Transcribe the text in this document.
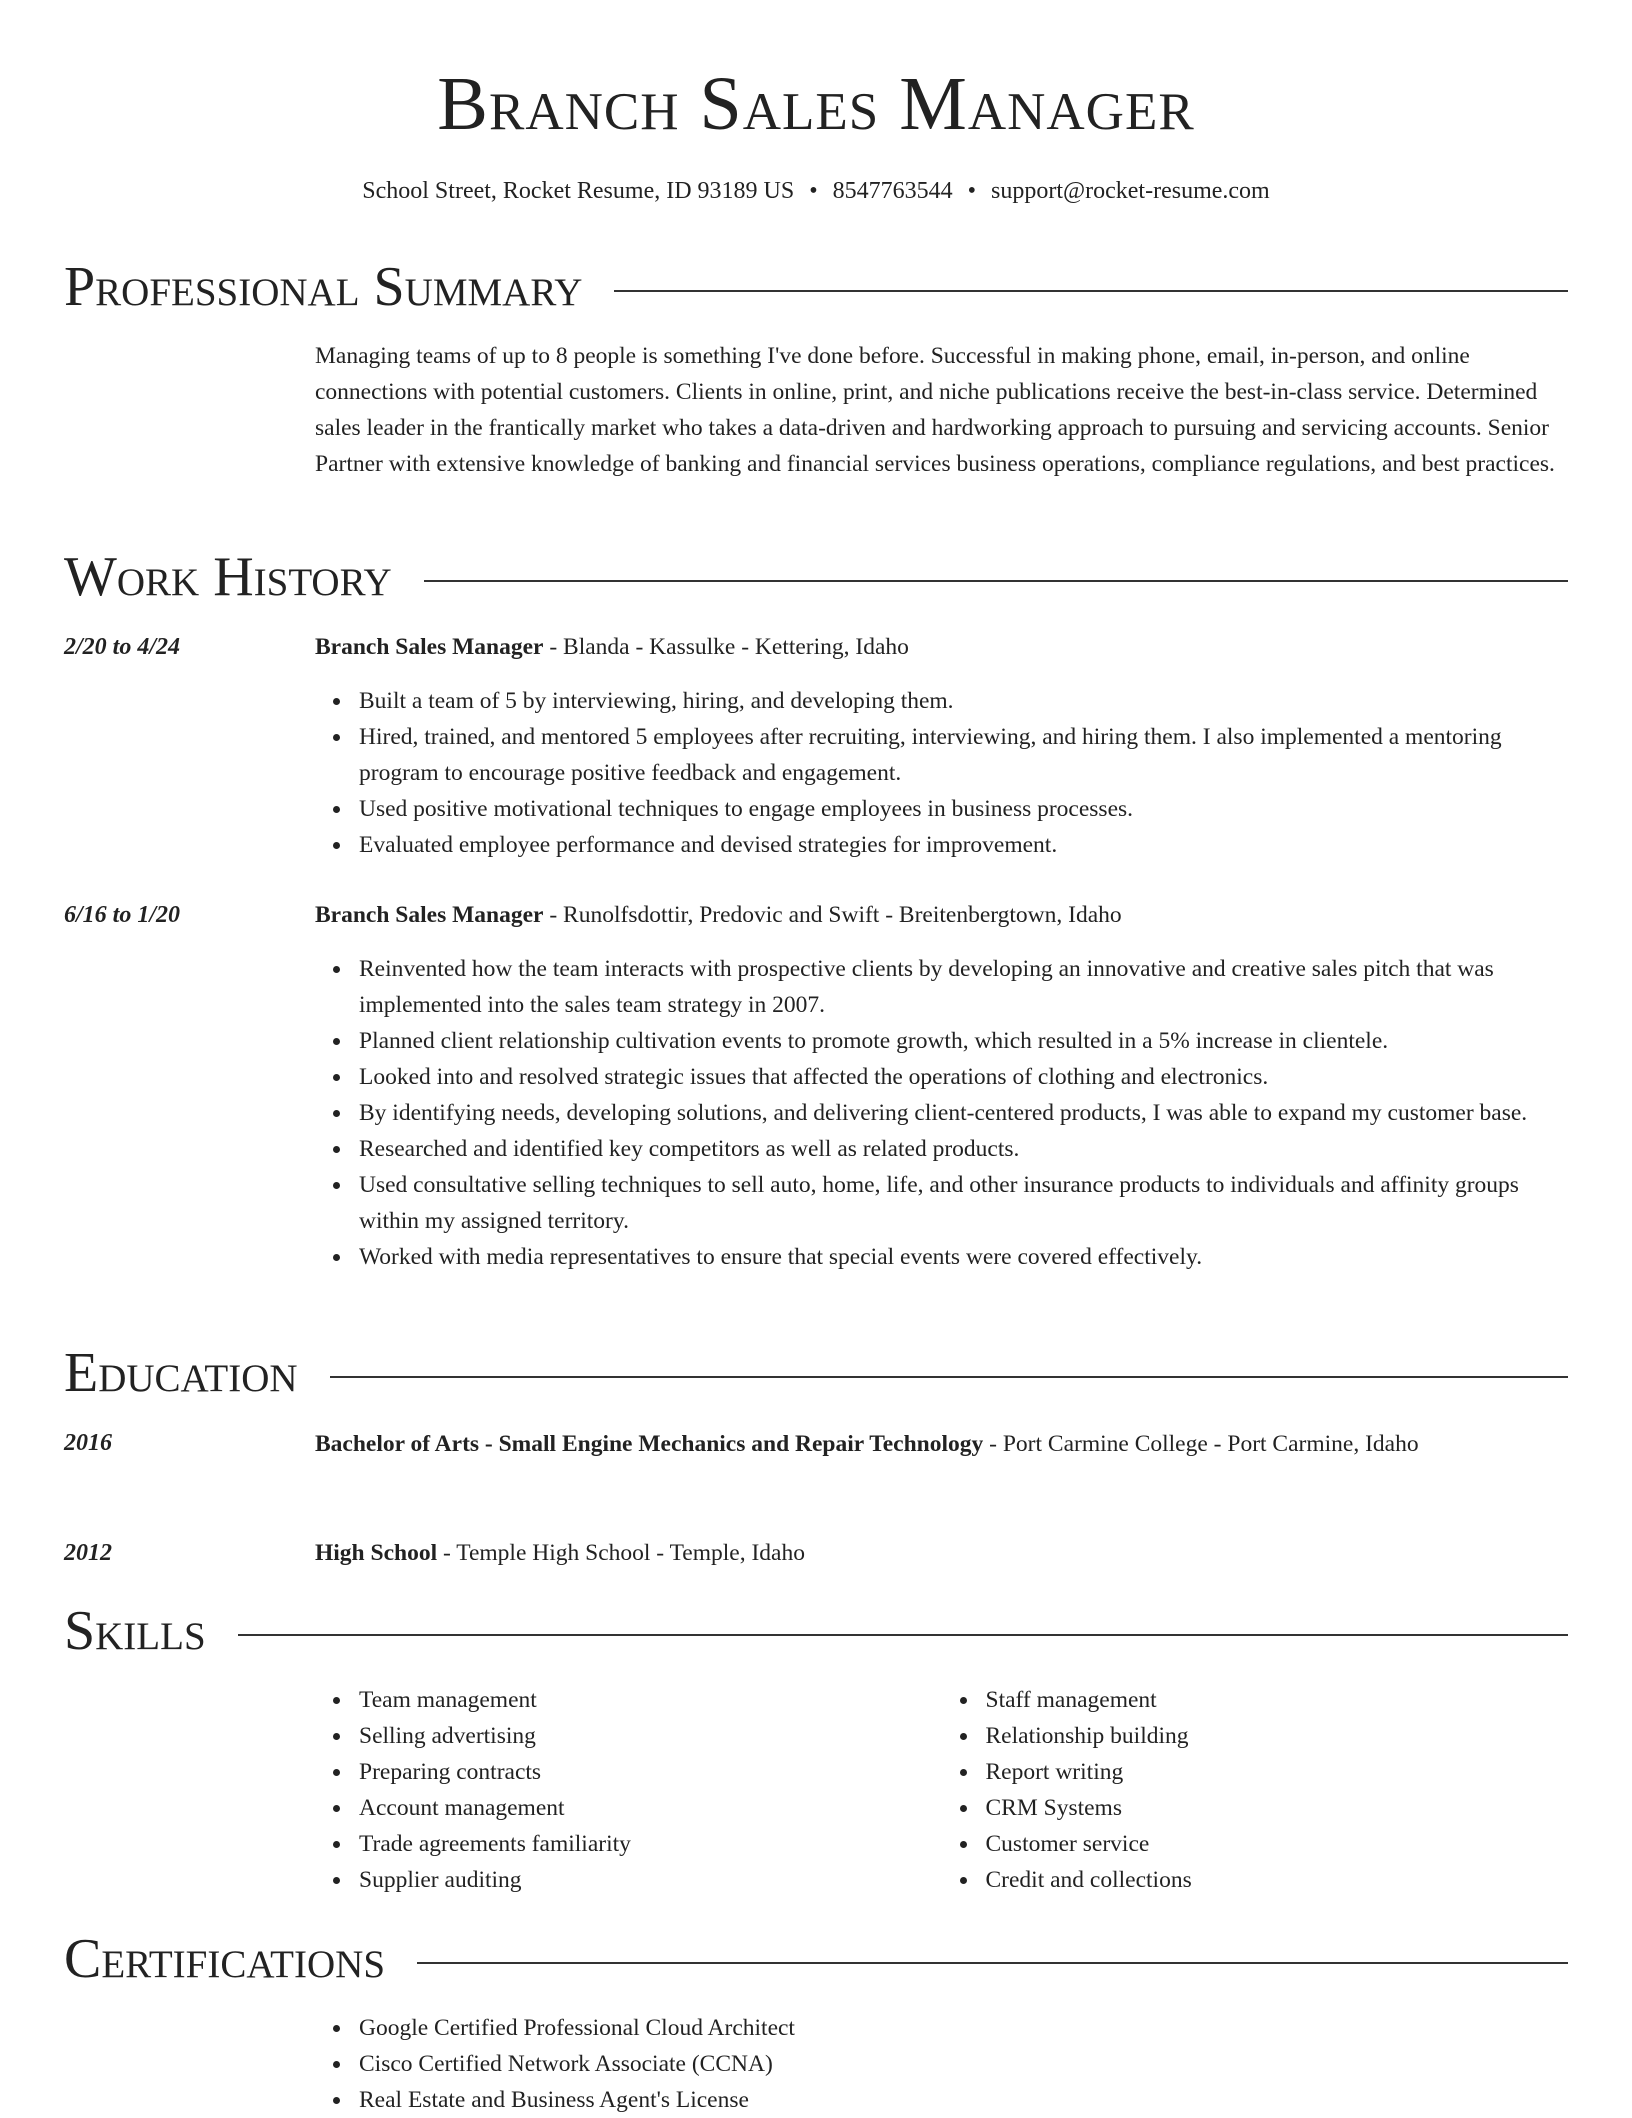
Branch Sales Manager
School Street, Rocket Resume, ID 93189 US • 8547763544 • support@rocket-resume.com
Professional Summary
Managing teams of up to 8 people is something I've done before. Successful in making phone, email, in-person, and online connections with potential customers. Clients in online, print, and niche publications receive the best-in-class service. Determined sales leader in the frantically market who takes a data-driven and hardworking approach to pursuing and servicing accounts. Senior Partner with extensive knowledge of banking and financial services business operations, compliance regulations, and best practices.
Work History
2/20 to 4/24	Branch Sales Manager - Blanda - Kassulke - Kettering, Idaho
Built a team of 5 by interviewing, hiring, and developing them.
Hired, trained, and mentored 5 employees after recruiting, interviewing, and hiring them. I also implemented a mentoring program to encourage positive feedback and engagement.
Used positive motivational techniques to engage employees in business processes.
Evaluated employee performance and devised strategies for improvement.
6/16 to 1/20	Branch Sales Manager - Runolfsdottir, Predovic and Swift - Breitenbergtown, Idaho
Reinvented how the team interacts with prospective clients by developing an innovative and creative sales pitch that was implemented into the sales team strategy in 2007.
Planned client relationship cultivation events to promote growth, which resulted in a 5% increase in clientele.
Looked into and resolved strategic issues that affected the operations of clothing and electronics.
By identifying needs, developing solutions, and delivering client-centered products, I was able to expand my customer base.
Researched and identified key competitors as well as related products.
Used consultative selling techniques to sell auto, home, life, and other insurance products to individuals and affinity groups within my assigned territory.
Worked with media representatives to ensure that special events were covered effectively.
Education
2016	Bachelor of Arts - Small Engine Mechanics and Repair Technology - Port Carmine College - Port Carmine, Idaho
2012	High School - Temple High School - Temple, Idaho
Skills
Team management
Selling advertising
Preparing contracts
Account management
Trade agreements familiarity
Supplier auditing
Staff management
Relationship building
Report writing
CRM Systems
Customer service
Credit and collections
Certifications
Google Certified Professional Cloud Architect
Cisco Certified Network Associate (CCNA)
Real Estate and Business Agent's License
